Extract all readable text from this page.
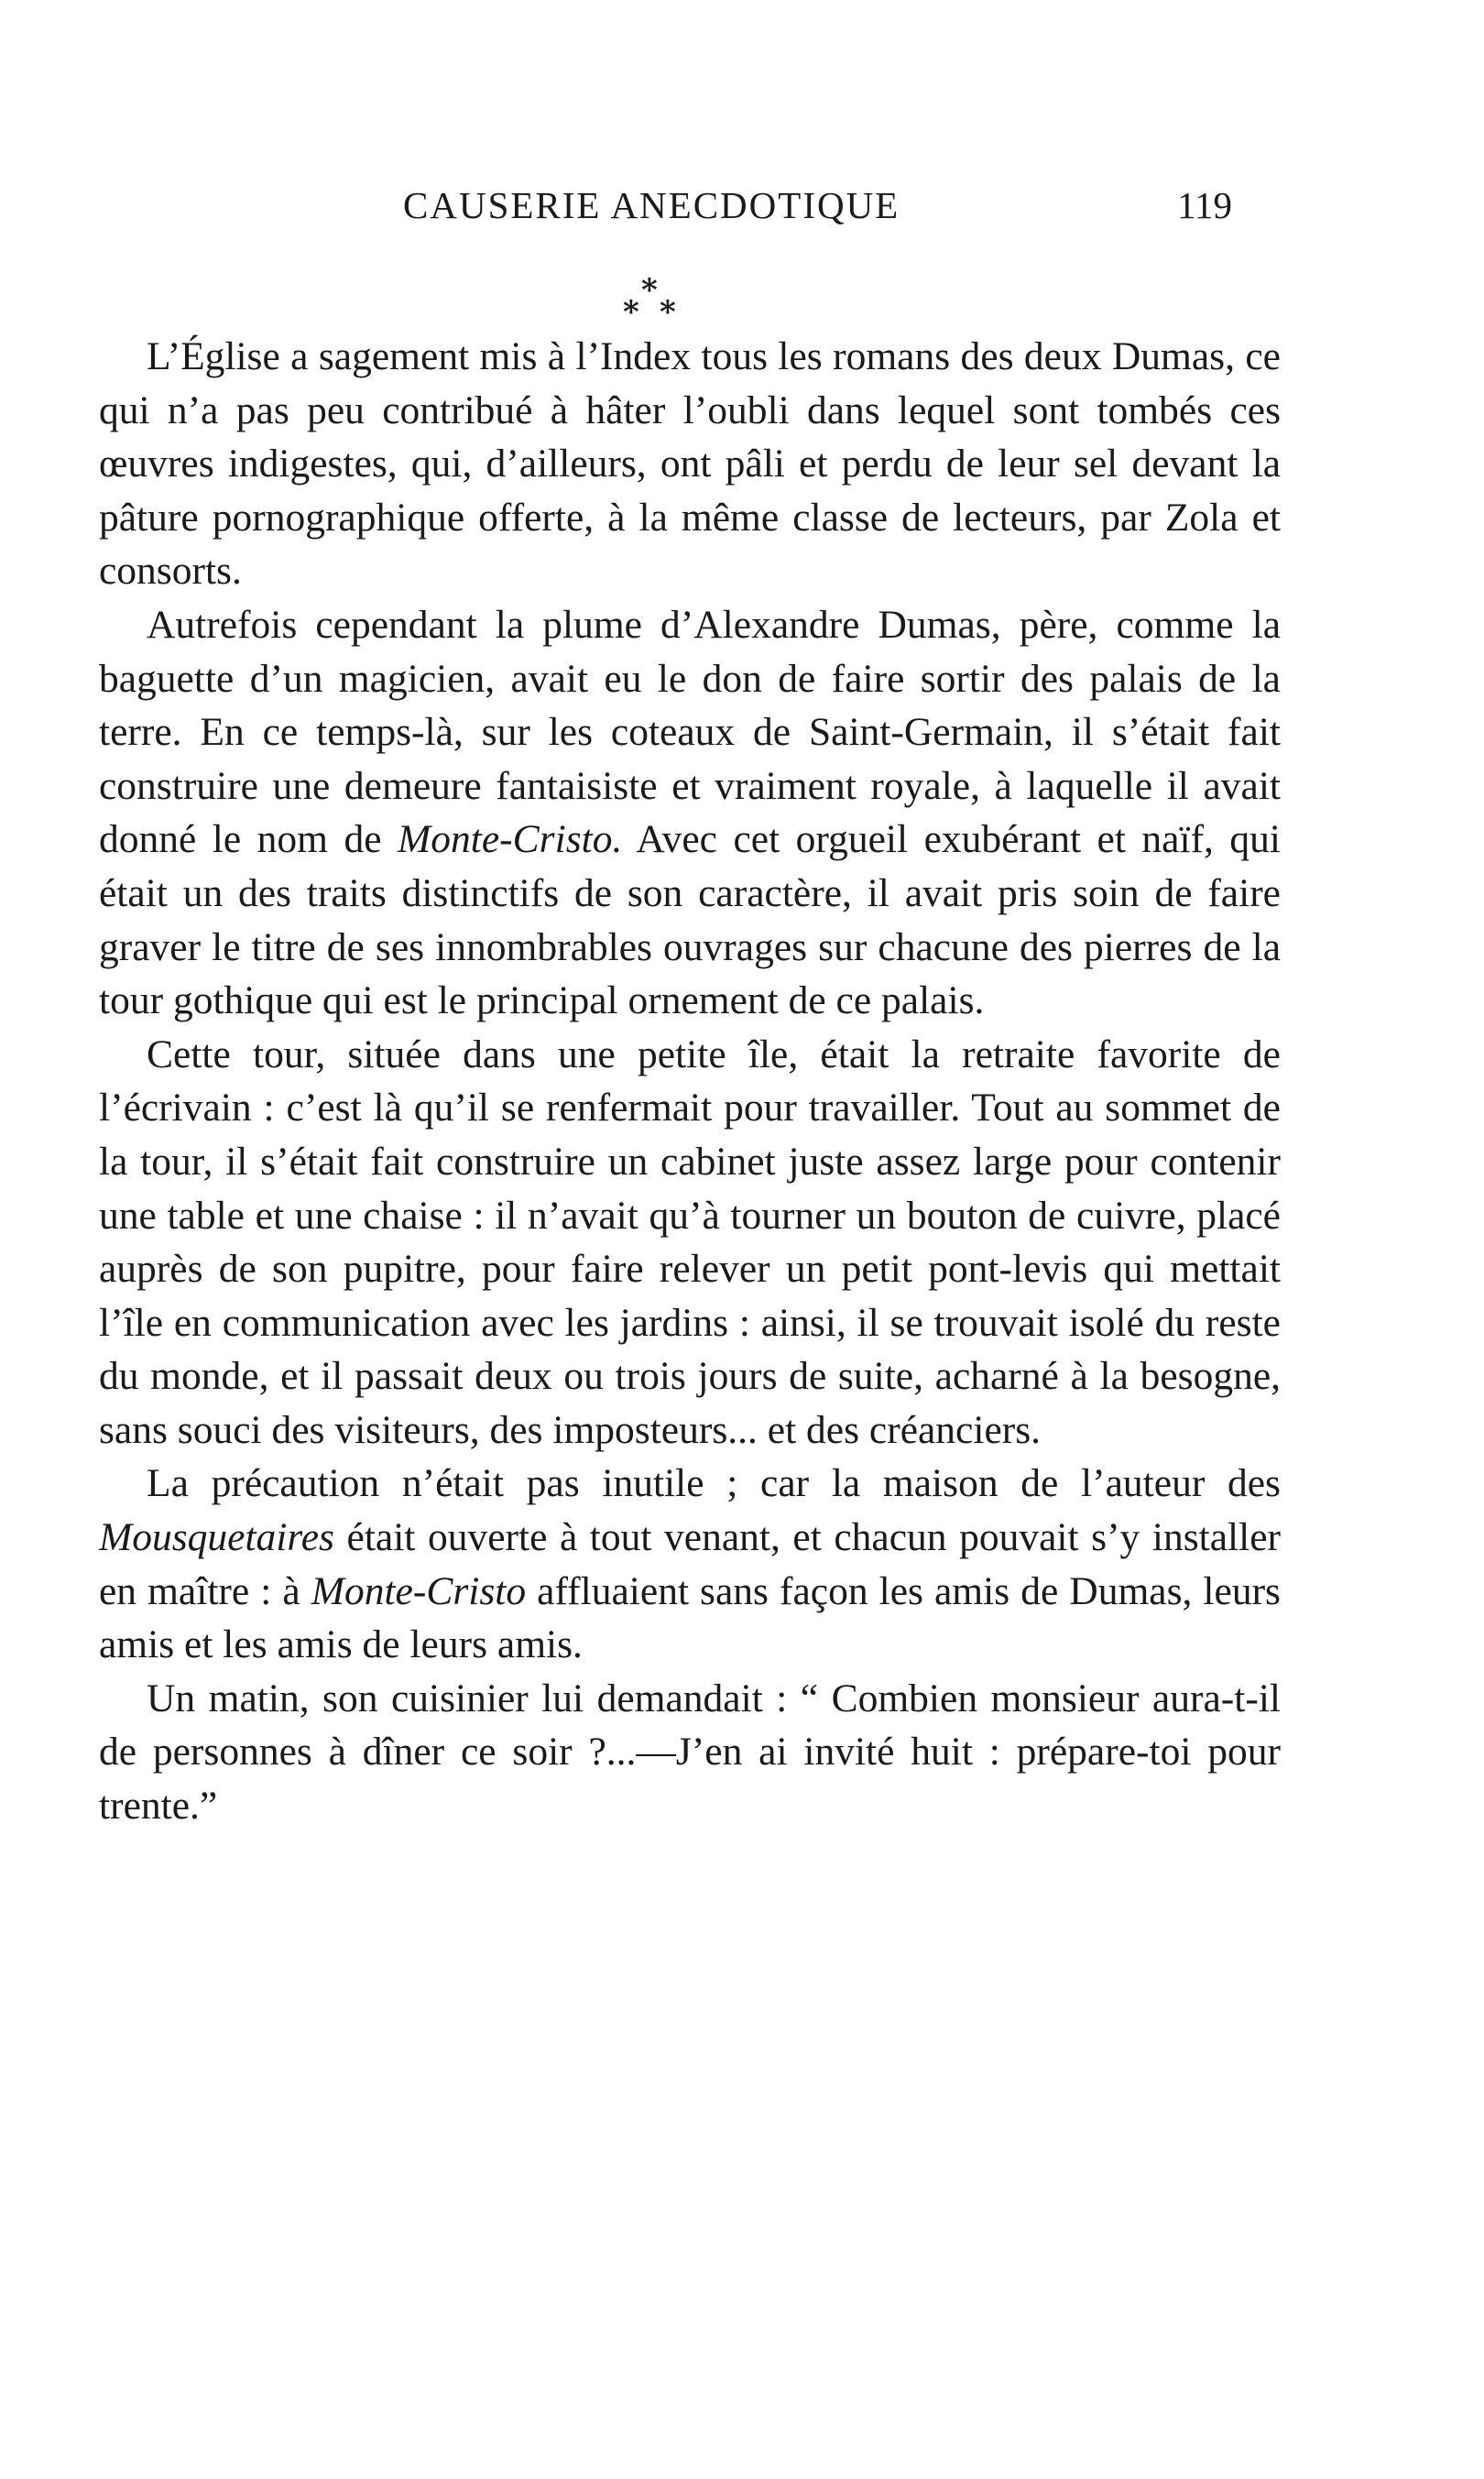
CAUSERIE ANECDOTIQUE	119
*
* *

L’Église a sagement mis à l’Index tous les romans des deux Dumas, ce qui n’a pas peu contribué à hâter l’oubli dans lequel sont tombés ces œuvres indigestes, qui, d’ailleurs, ont pâli et perdu de leur sel devant la pâture pornographique offerte, à la même classe de lecteurs, par Zola et consorts.

Autrefois cependant la plume d’Alexandre Dumas, père, comme la baguette d’un magicien, avait eu le don de faire sortir des palais de la terre. En ce temps-là, sur les coteaux de Saint-Germain, il s’était fait construire une demeure fantaisiste et vraiment royale, à laquelle il avait donné le nom de Monte-Cristo. Avec cet orgueil exubérant et naïf, qui était un des traits distinctifs de son caractère, il avait pris soin de faire graver le titre de ses innombrables ouvrages sur chacune des pierres de la tour gothique qui est le principal ornement de ce palais.

Cette tour, située dans une petite île, était la retraite favorite de l’écrivain : c’est là qu’il se renfermait pour travailler. Tout au sommet de la tour, il s’était fait construire un cabinet juste assez large pour contenir une table et une chaise : il n’avait qu’à tourner un bouton de cuivre, placé auprès de son pupitre, pour faire relever un petit pont-levis qui mettait l’île en communication avec les jardins : ainsi, il se trouvait isolé du reste du monde, et il passait deux ou trois jours de suite, acharné à la besogne, sans souci des visiteurs, des imposteurs... et des créanciers.

La précaution n’était pas inutile ; car la maison de l’auteur des Mousquetaires était ouverte à tout venant, et chacun pouvait s’y installer en maître : à Monte-Cristo affluaient sans façon les amis de Dumas, leurs amis et les amis de leurs amis.

Un matin, son cuisinier lui demandait : “ Combien monsieur aura-t-il de personnes à dîner ce soir ?...—J’en ai invité huit : prépare-toi pour trente.”
